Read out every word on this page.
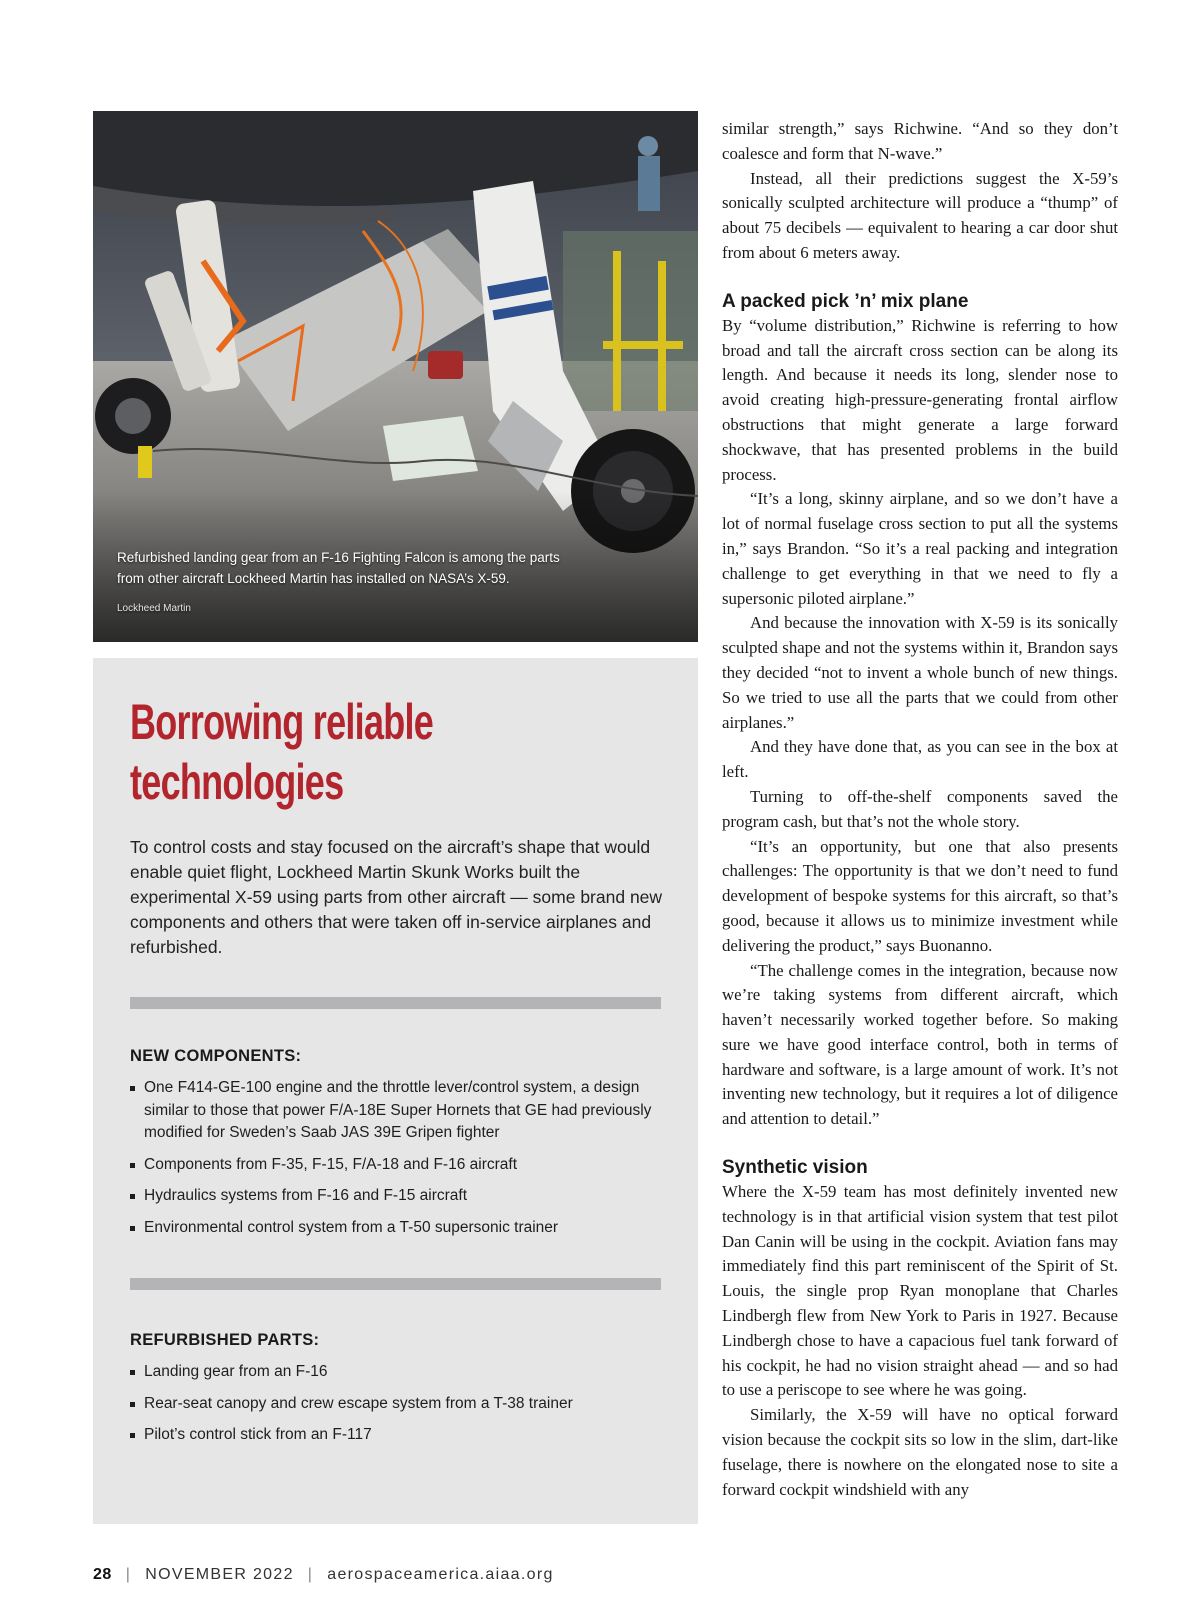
Refurbished landing gear from an F-16 Fighting Falcon is among the parts from other aircraft Lockheed Martin has installed on NASA’s X-59.
Lockheed Martin
Borrowing reliable
technologies

To control costs and stay focused on the aircraft’s shape that would enable quiet flight, Lockheed Martin Skunk Works built the experimental X-59 using parts from other aircraft — some brand new components and others that were taken off in-service airplanes and refurbished.

NEW COMPONENTS:
One F414-GE-100 engine and the throttle lever/control system, a design similar to those that power F/A-18E Super Hornets that GE had previously modified for Sweden’s Saab JAS 39E Gripen fighter
Components from F-35, F-15, F/A-18 and F-16 aircraft
Hydraulics systems from F-16 and F-15 aircraft
Environmental control system from a T-50 supersonic trainer
REFURBISHED PARTS:
Landing gear from an F-16
Rear-seat canopy and crew escape system from a T-38 trainer
Pilot’s control stick from an F-117

similar strength,” says Richwine. “And so they don’t coalesce and form that N-wave.”

Instead, all their predictions suggest the X-59’s sonically sculpted architecture will produce a “thump” of about 75 decibels — equivalent to hearing a car door shut from about 6 meters away.

A packed pick ’n’ mix plane

By “volume distribution,” Richwine is referring to how broad and tall the aircraft cross section can be along its length. And because it needs its long, slender nose to avoid creating high-pressure-generating frontal airflow obstructions that might generate a large forward shockwave, that has presented problems in the build process.

“It’s a long, skinny airplane, and so we don’t have a lot of normal fuselage cross section to put all the systems in,” says Brandon. “So it’s a real packing and integration challenge to get everything in that we need to fly a supersonic piloted airplane.”

And because the innovation with X-59 is its sonically sculpted shape and not the systems within it, Brandon says they decided “not to invent a whole bunch of new things. So we tried to use all the parts that we could from other airplanes.”

And they have done that, as you can see in the box at left.

Turning to off-the-shelf components saved the program cash, but that’s not the whole story.

“It’s an opportunity, but one that also presents challenges: The opportunity is that we don’t need to fund development of bespoke systems for this aircraft, so that’s good, because it allows us to minimize investment while delivering the product,” says Buonanno.

“The challenge comes in the integration, because now we’re taking systems from different aircraft, which haven’t necessarily worked together before. So making sure we have good interface control, both in terms of hardware and software, is a large amount of work. It’s not inventing new technology, but it requires a lot of diligence and attention to detail.”

Synthetic vision

Where the X-59 team has most definitely invented new technology is in that artificial vision system that test pilot Dan Canin will be using in the cockpit. Aviation fans may immediately find this part reminiscent of the Spirit of St. Louis, the single prop Ryan monoplane that Charles Lindbergh flew from New York to Paris in 1927. Because Lindbergh chose to have a capacious fuel tank forward of his cockpit, he had no vision straight ahead — and so had to use a periscope to see where he was going.

Similarly, the X-59 will have no optical forward vision because the cockpit sits so low in the slim, dart-like fuselage, there is nowhere on the elongated nose to site a forward cockpit windshield with any

28 | NOVEMBER 2022 | aerospaceamerica.aiaa.org
